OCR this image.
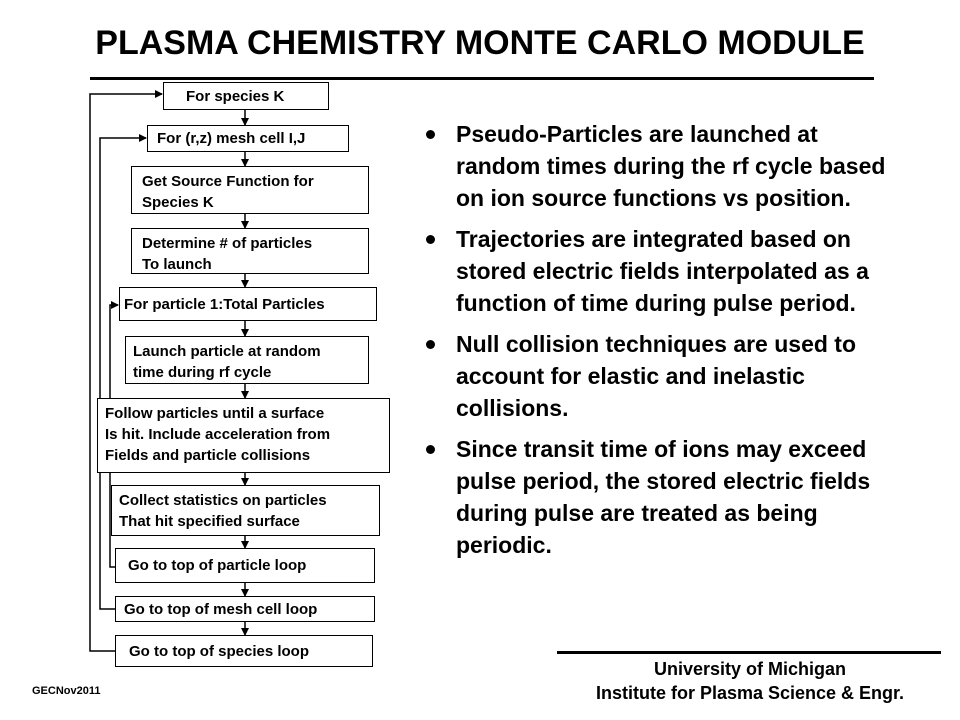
PLASMA CHEMISTRY MONTE CARLO MODULE
For species K
For (r,z) mesh cell I,J
Get Source Function for
Species K
Determine # of particles
To launch
For particle 1:Total Particles
Launch particle at random
time during rf cycle
Follow particles until a surface
Is hit. Include acceleration from
Fields and particle collisions
Collect statistics on particles
That hit specified surface
Go to top of particle loop
Go to top of mesh cell loop
Go to top of species loop
Pseudo-Particles are launched at random times during the rf cycle based on ion source functions vs position.
Trajectories are integrated based on stored electric fields interpolated as a function of time during pulse period.
Null collision techniques are used to account for elastic and inelastic collisions.
Since transit time of ions may exceed pulse period, the stored electric fields during pulse are treated as being periodic.
University of Michigan
Institute for Plasma Science & Engr.
GECNov2011
